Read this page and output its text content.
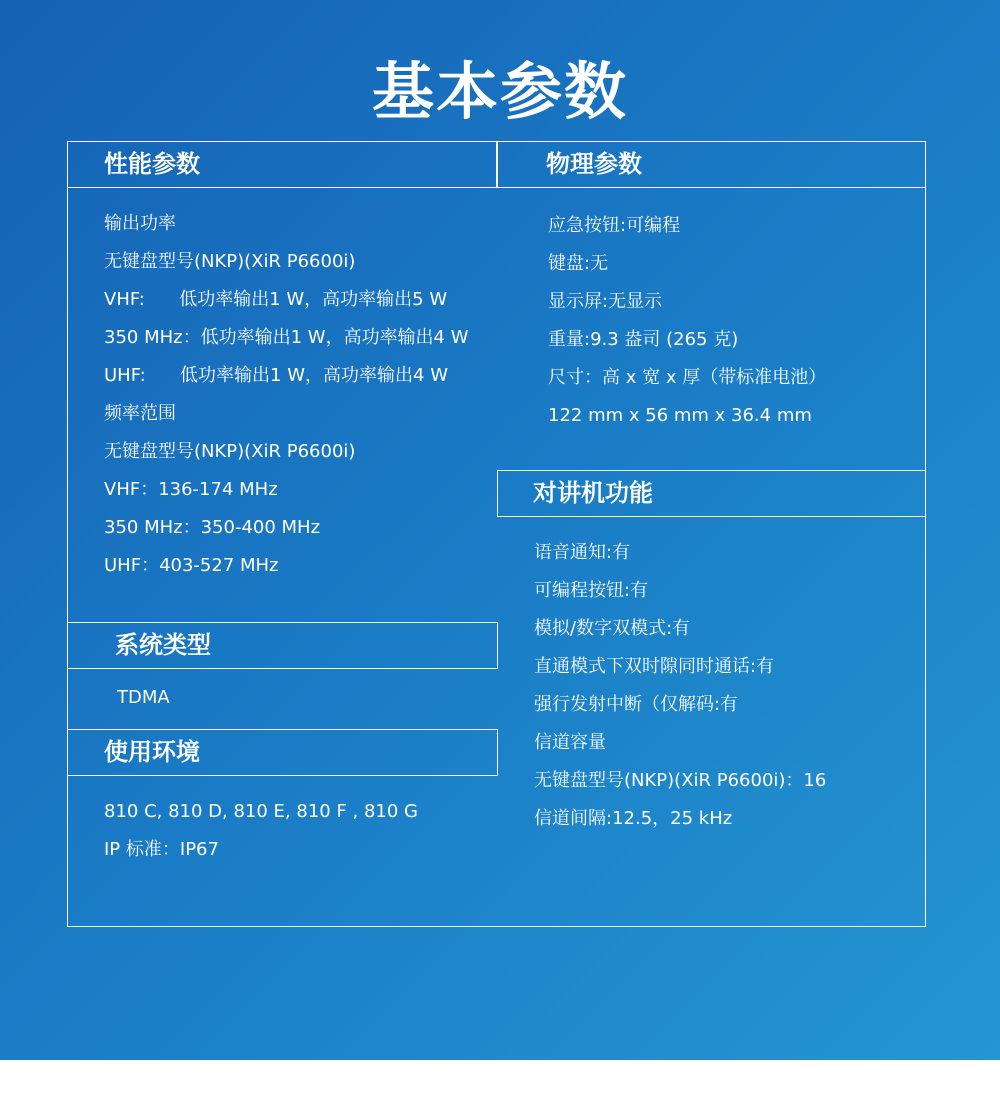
基本参数
性能参数	物理参数
输出功率
无键盘型号(NKP)(XiR P6600i)
VHF:      低功率输出1 W，高功率输出5 W
350 MHz：低功率输出1 W，高功率输出4 W
UHF:      低功率输出1 W，高功率输出4 W
频率范围
无键盘型号(NKP)(XiR P6600i)
VHF：136-174 MHz
350 MHz：350-400 MHz
UHF：403-527 MHz
系统类型
TDMA
使用环境
810 C, 810 D, 810 E, 810 F , 810 G
IP 标准：IP67
应急按钮:可编程
键盘:无
显示屏:无显示
重量:9.3 盎司 (265 克)
尺寸：高 x 宽 x 厚（带标准电池）
122 mm x 56 mm x 36.4 mm
对讲机功能
语音通知:有
可编程按钮:有
模拟/数字双模式:有
直通模式下双时隙同时通话:有
强行发射中断（仅解码:有
信道容量
无键盘型号(NKP)(XiR P6600i)：16
信道间隔:12.5，25 kHz
